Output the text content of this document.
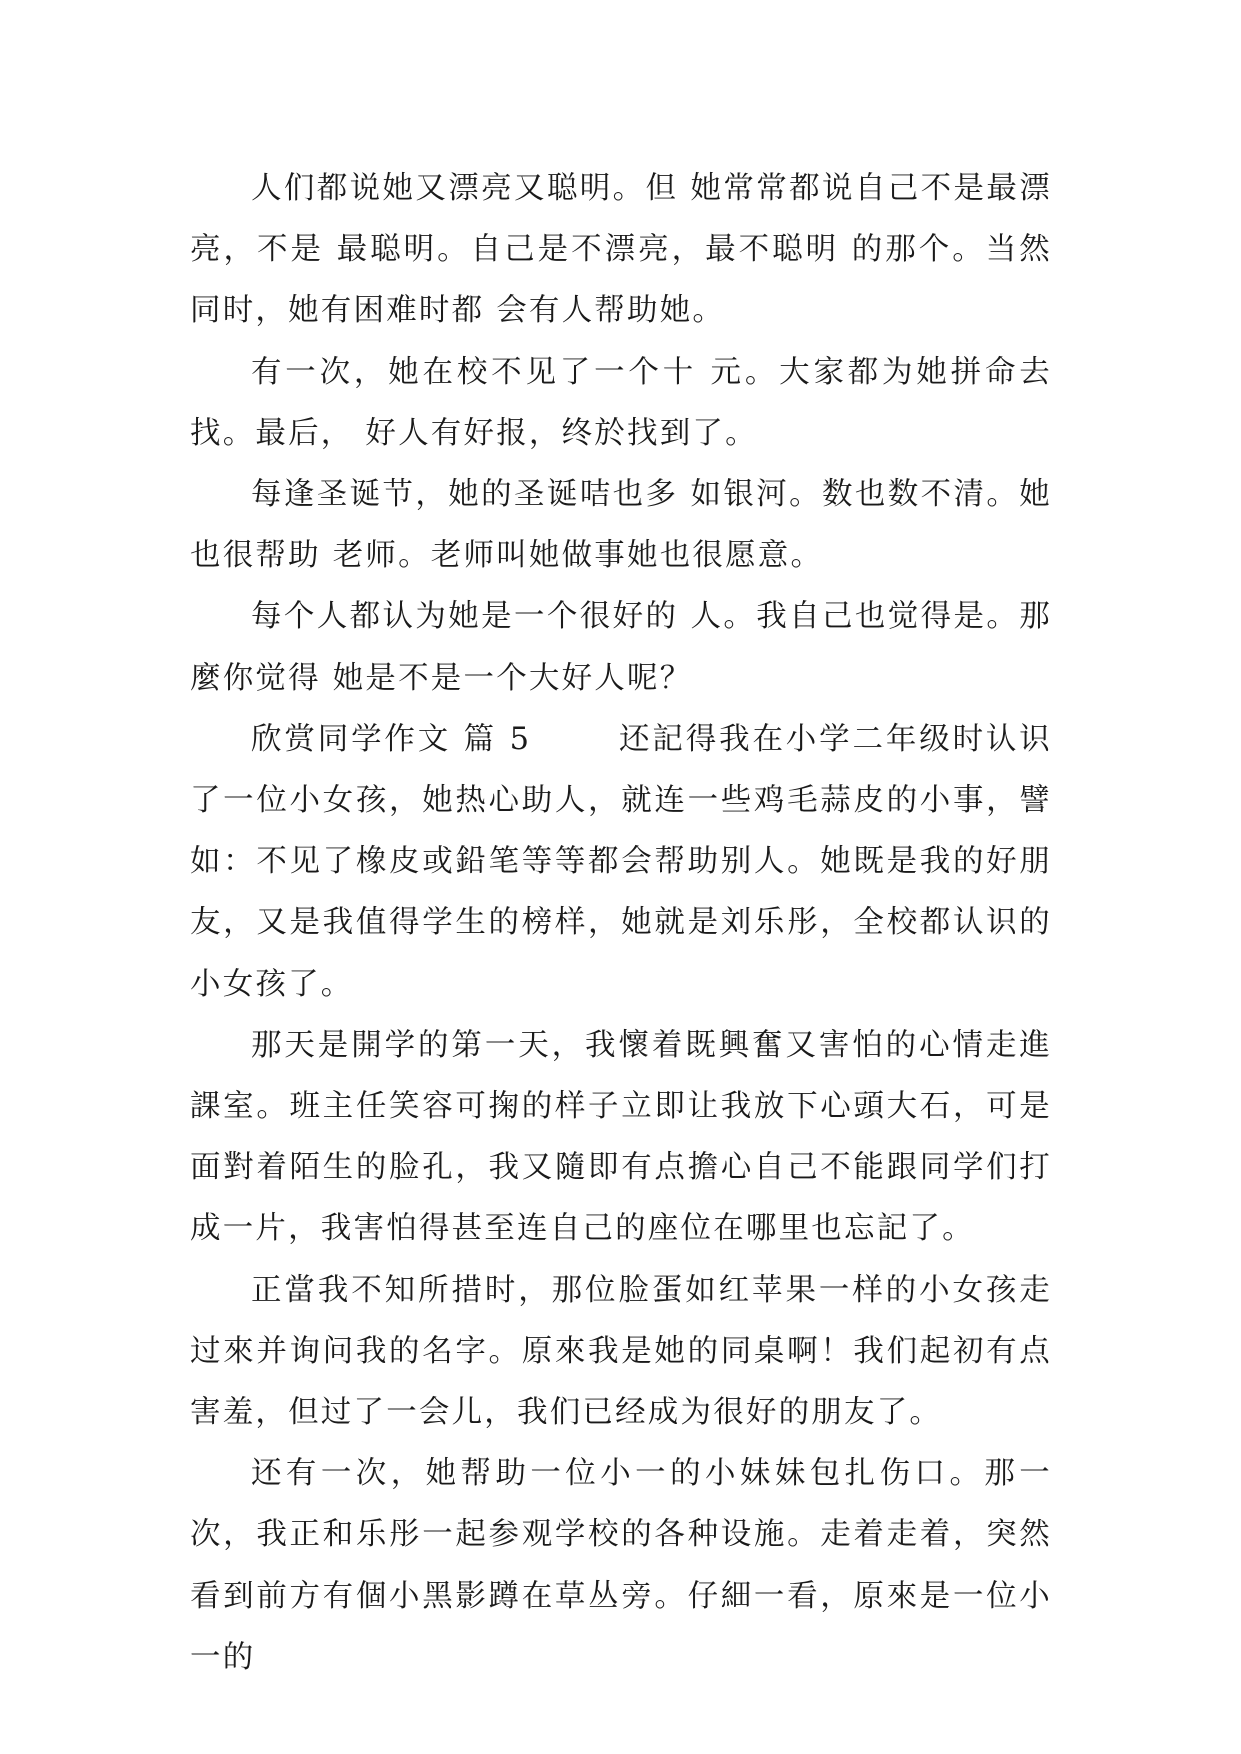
人们都说她又漂亮又聪明。但 她常常都说自己不是最漂亮，不是 最聪明。自己是不漂亮，最不聪明 的那个。当然同时，她有困难时都 会有人帮助她。

有一次，她在校不见了一个十 元。大家都为她拼命去找。最后， 好人有好报，终於找到了。

每逢圣诞节，她的圣诞咭也多 如银河。数也数不清。她也很帮助 老师。老师叫她做事她也很愿意。

每个人都认为她是一个很好的 人。我自己也觉得是。那麼你觉得 她是不是一个大好人呢？

欣赏同学作文 篇 5       还記得我在小学二年级时认识了一位小女孩，她热心助人，就连一些鸡毛蒜皮的小事，譬如：不见了橡皮或鉛笔等等都会帮助别人。她既是我的好朋友，又是我值得学生的榜样，她就是刘乐彤，全校都认识的小女孩了。

那天是開学的第一天，我懷着既興奮又害怕的心情走進課室。班主任笑容可掬的样子立即让我放下心頭大石，可是面對着陌生的脸孔，我又隨即有点擔心自己不能跟同学们打成一片，我害怕得甚至连自己的座位在哪里也忘記了。

正當我不知所措时，那位脸蛋如红苹果一样的小女孩走过來并询问我的名字。原來我是她的同桌啊！我们起初有点害羞，但过了一会儿，我们已经成为很好的朋友了。

还有一次，她帮助一位小一的小妹妹包扎伤口。那一次，我正和乐彤一起参观学校的各种设施。走着走着，突然看到前方有個小黑影蹲在草丛旁。仔細一看，原來是一位小一的
